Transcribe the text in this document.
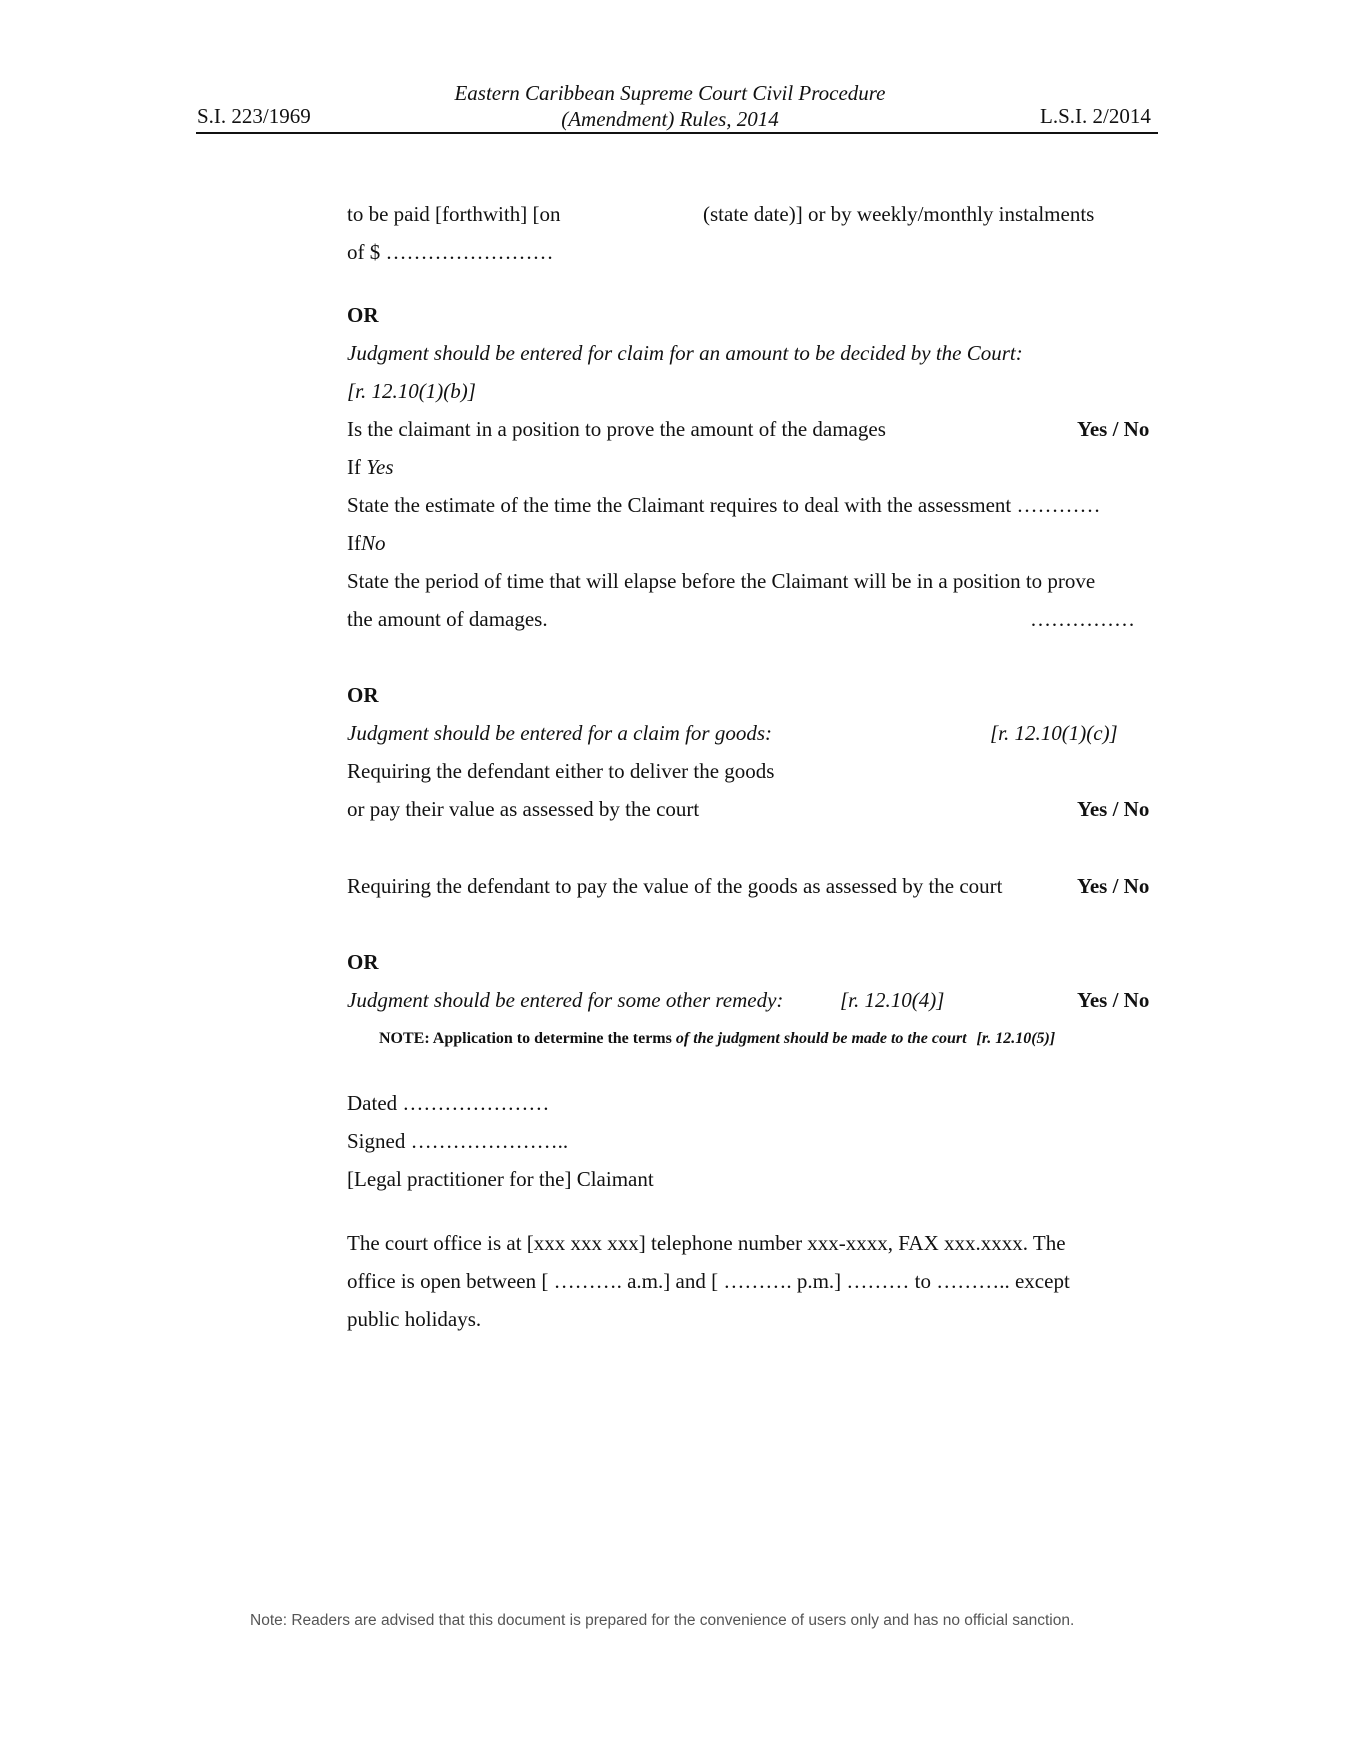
S.I. 223/1969
Eastern Caribbean Supreme Court Civil Procedure
(Amendment) Rules, 2014	L.S.I. 2/2014
to be paid [forthwith] [on	(state date)] or by weekly/monthly instalments
of $ ……………………
OR
Judgment should be entered for claim for an amount to be decided by the Court:
[r. 12.10(1)(b)]
Is the claimant in a position to prove the amount of the damages	Yes / No
If Yes
State the estimate of the time the Claimant requires to deal with the assessment …………
IfNo
State the period of time that will elapse before the Claimant will be in a position to prove
the amount of damages.	……………
OR
Judgment should be entered for a claim for goods:	[r. 12.10(1)(c)]
Requiring the defendant either to deliver the goods
or pay their value as assessed by the court	Yes / No
Requiring the defendant to pay the value of the goods as assessed by the court	Yes / No
OR
Judgment should be entered for some other remedy:	[r. 12.10(4)]	Yes / No
NOTE: Application to determine the terms of the judgment should be made to the court [r. 12.10(5)]
Dated …………………
Signed …………………..
[Legal practitioner for the] Claimant
The court office is at [xxx xxx xxx] telephone number xxx-xxxx, FAX xxx.xxxx. The
office is open between [ ………. a.m.] and [ ………. p.m.] ……… to ……….. except
public holidays.
Note: Readers are advised that this document is prepared for the convenience of users only and has no official sanction.
